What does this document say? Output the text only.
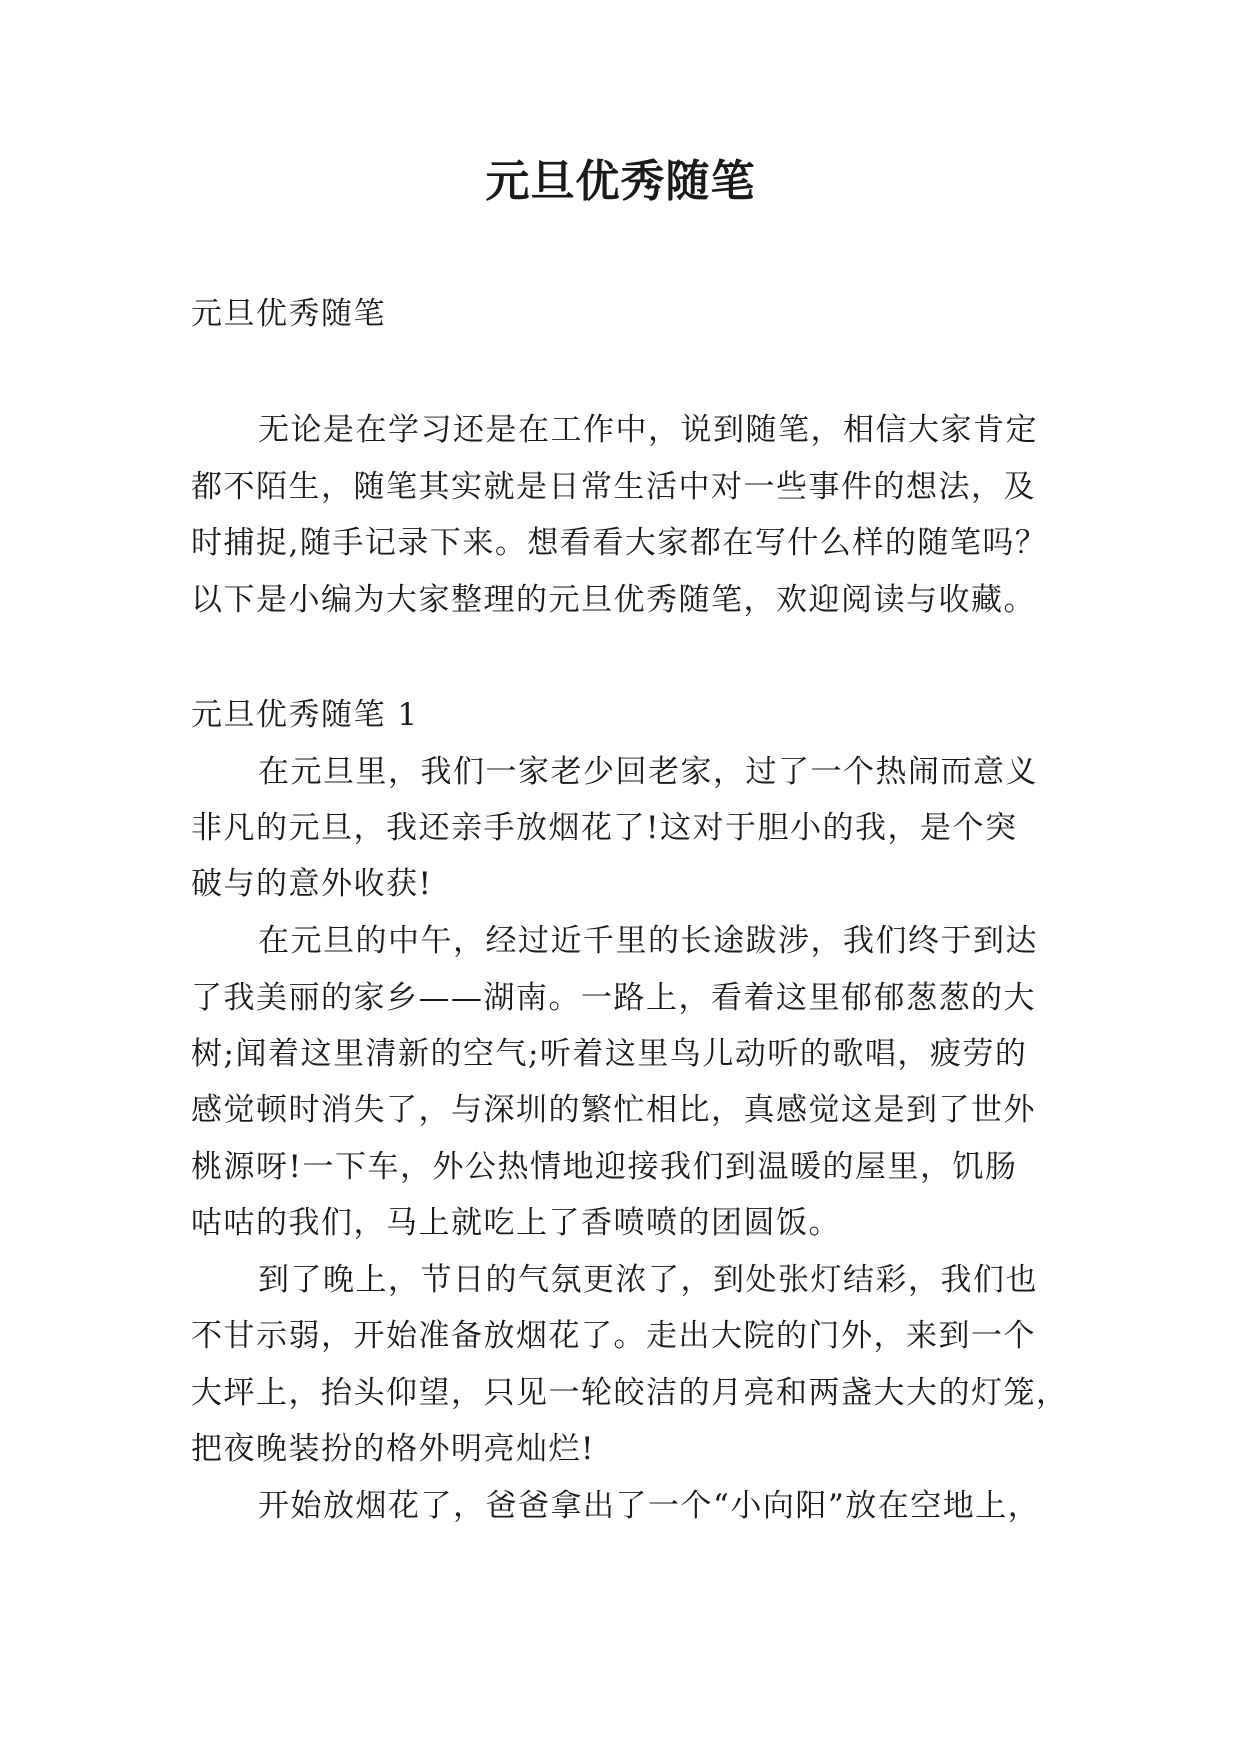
元旦优秀随笔
元旦优秀随笔
无论是在学习还是在工作中，说到随笔，相信大家肯定
都不陌生，随笔其实就是日常生活中对一些事件的想法，及
时捕捉,随手记录下来。想看看大家都在写什么样的随笔吗？
以下是小编为大家整理的元旦优秀随笔，欢迎阅读与收藏。
元旦优秀随笔 1
在元旦里，我们一家老少回老家，过了一个热闹而意义
非凡的元旦，我还亲手放烟花了!这对于胆小的我，是个突
破与的意外收获!
在元旦的中午，经过近千里的长途跋涉，我们终于到达
了我美丽的家乡——湖南。一路上，看着这里郁郁葱葱的大
树;闻着这里清新的空气;听着这里鸟儿动听的歌唱，疲劳的
感觉顿时消失了，与深圳的繁忙相比，真感觉这是到了世外
桃源呀!一下车，外公热情地迎接我们到温暖的屋里，饥肠
咕咕的我们，马上就吃上了香喷喷的团圆饭。
到了晚上，节日的气氛更浓了，到处张灯结彩，我们也
不甘示弱，开始准备放烟花了。走出大院的门外，来到一个
大坪上，抬头仰望，只见一轮皎洁的月亮和两盏大大的灯笼，
把夜晚装扮的格外明亮灿烂!
开始放烟花了，爸爸拿出了一个“小向阳”放在空地上，
